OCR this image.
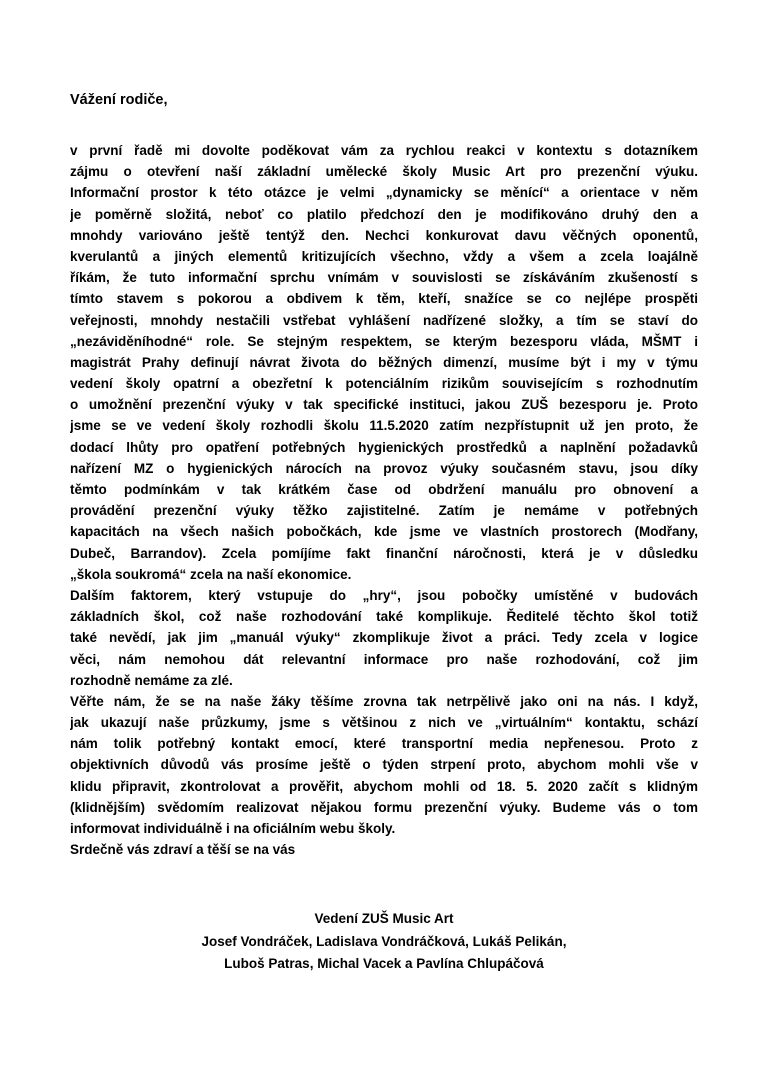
Vážení rodiče,
v první řadě mi dovolte poděkovat vám za rychlou reakci v kontextu s dotazníkem
zájmu o otevření naší základní umělecké školy Music Art pro prezenční výuku.
Informační prostor k této otázce je velmi „dynamicky se měnící“ a orientace v něm
je poměrně složitá, neboť co platilo předchozí den je modifikováno druhý den a
mnohdy variováno ještě tentýž den. Nechci konkurovat davu věčných oponentů,
kverulantů a jiných elementů kritizujících všechno, vždy a všem a zcela loajálně
říkám, že tuto informační sprchu vnímám v souvislosti se získáváním zkušeností s
tímto stavem s pokorou a obdivem k těm, kteří, snažíce se co nejlépe prospěti
veřejnosti, mnohdy nestačili vstřebat vyhlášení nadřízené složky, a tím se staví do
„nezáviděníhodné“ role. Se stejným respektem, se kterým bezesporu vláda, MŠMT i
magistrát Prahy definují návrat života do běžných dimenzí, musíme být i my v týmu
vedení školy opatrní a obezřetní k potenciálním rizikům souvisejícím s rozhodnutím
o umožnění prezenční výuky v tak specifické instituci, jakou ZUŠ bezesporu je. Proto
jsme se ve vedení školy rozhodli školu 11.5.2020 zatím nezpřístupnit už jen proto, že
dodací lhůty pro opatření potřebných hygienických prostředků a naplnění požadavků
nařízení MZ o hygienických nárocích na provoz výuky současném stavu, jsou díky
těmto podmínkám v tak krátkém čase od obdržení manuálu pro obnovení a
provádění prezenční výuky těžko zajistitelné. Zatím je nemáme v potřebných
kapacitách na všech našich pobočkách, kde jsme ve vlastních prostorech (Modřany,
Dubeč, Barrandov). Zcela pomíjíme fakt finanční náročnosti, která je v důsledku
„škola soukromá“ zcela na naší ekonomice.
Dalším faktorem, který vstupuje do „hry“, jsou pobočky umístěné v budovách
základních škol, což naše rozhodování také komplikuje. Ředitelé těchto škol totiž
také nevědí, jak jim „manuál výuky“ zkomplikuje život a práci. Tedy zcela v logice
věci, nám nemohou dát relevantní informace pro naše rozhodování, což jim
rozhodně nemáme za zlé.
Věřte nám, že se na naše žáky těšíme zrovna tak netrpělivě jako oni na nás. I když,
jak ukazují naše průzkumy, jsme s většinou z nich ve „virtuálním“ kontaktu, schází
nám tolik potřebný kontakt emocí, které transportní media nepřenesou. Proto z
objektivních důvodů vás prosíme ještě o týden strpení proto, abychom mohli vše v
klidu připravit, zkontrolovat a prověřit, abychom mohli od 18. 5. 2020 začít s klidným
(klidnějším) svědomím realizovat nějakou formu prezenční výuky. Budeme vás o tom
informovat individuálně i na oficiálním webu školy.
Srdečně vás zdraví a těší se na vás
Vedení ZUŠ Music Art
Josef Vondráček, Ladislava Vondráčková, Lukáš Pelikán,
Luboš Patras, Michal Vacek a Pavlína Chlupáčová
